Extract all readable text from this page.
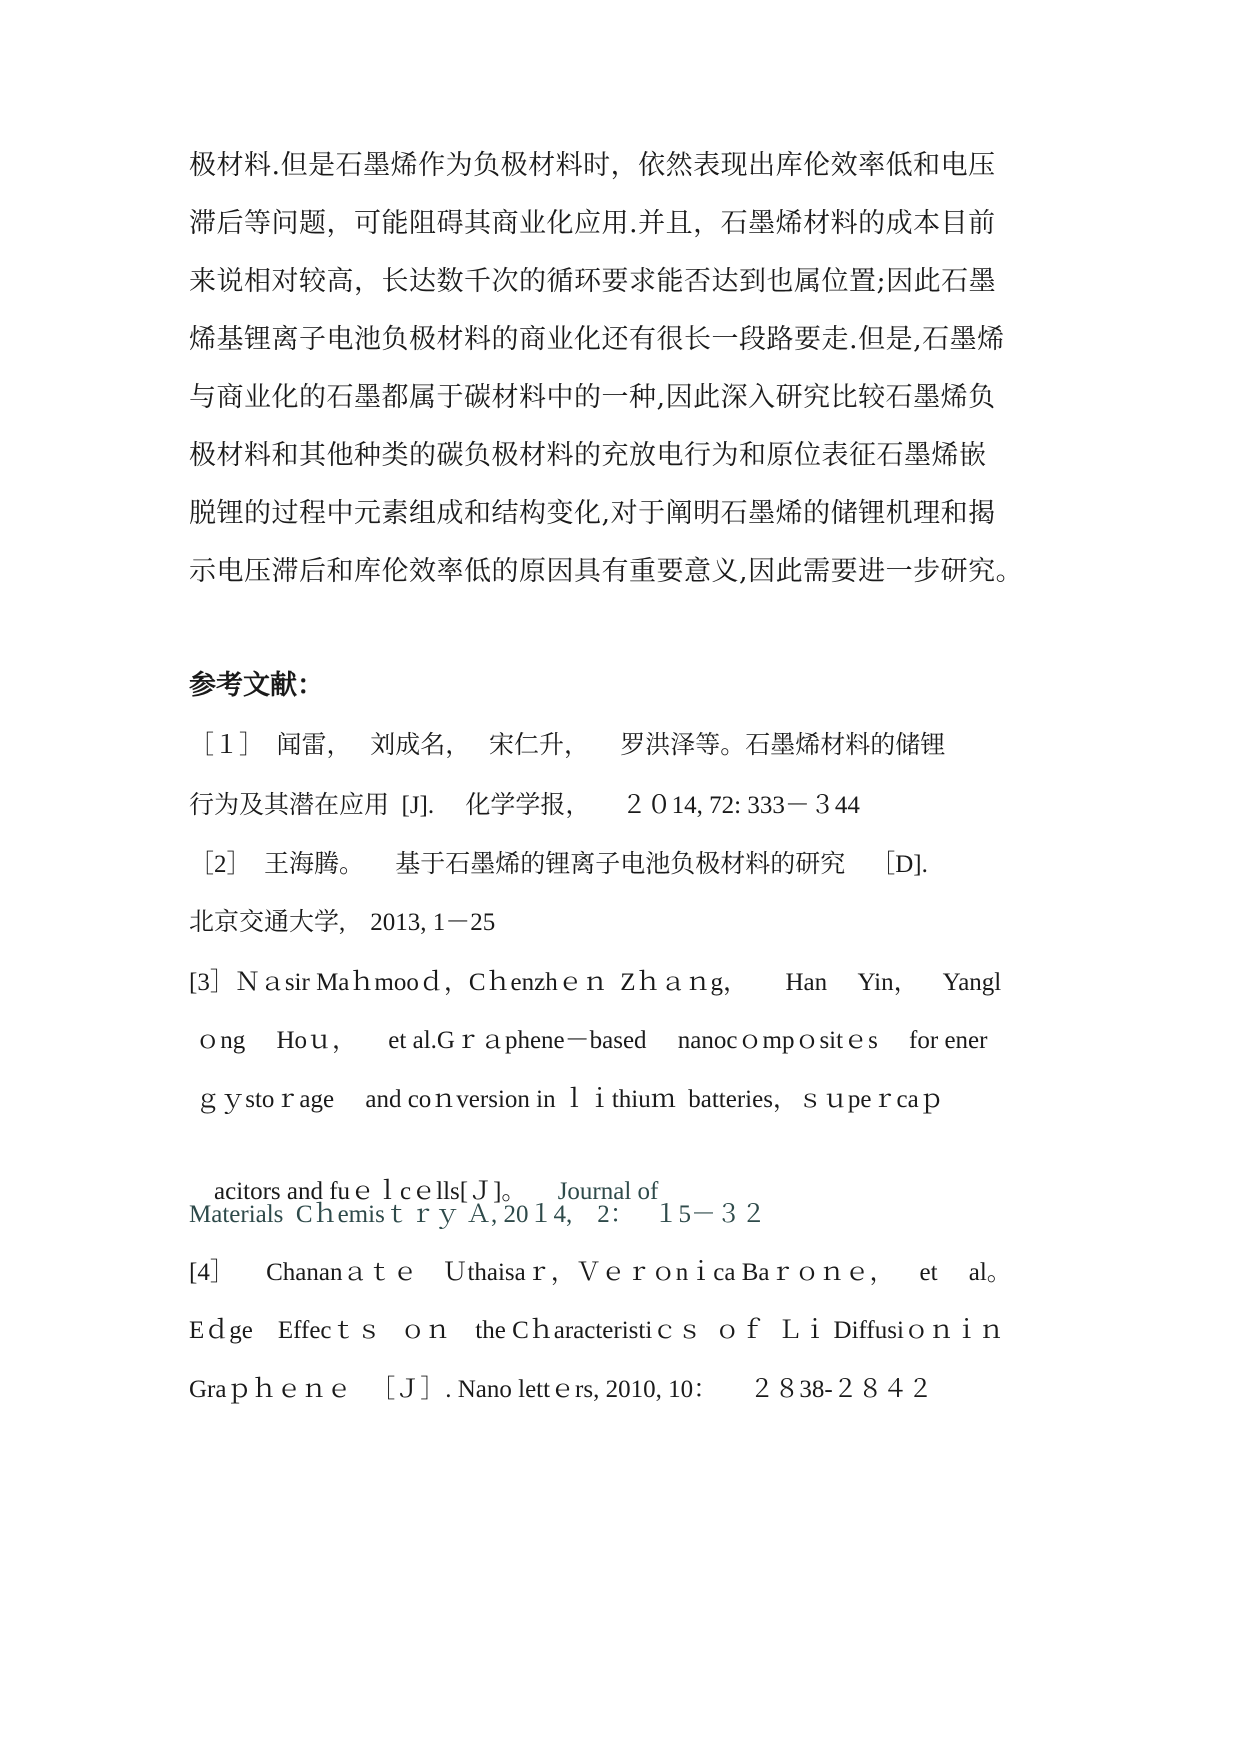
极材料.但是石墨烯作为负极材料时，依然表现出库伦效率低和电压
滞后等问题，可能阻碍其商业化应用.并且，石墨烯材料的成本目前
来说相对较高，长达数千次的循环要求能否达到也属位置;因此石墨
烯基锂离子电池负极材料的商业化还有很长一段路要走.但是,石墨烯
与商业化的石墨都属于碳材料中的一种,因此深入研究比较石墨烯负
极材料和其他种类的碳负极材料的充放电行为和原位表征石墨烯嵌
脱锂的过程中元素组成和结构变化,对于阐明石墨烯的储锂机理和揭
示电压滞后和库伦效率低的原因具有重要意义,因此需要进一步研究。
参考文献：
［１］  闻雷，   刘成名，   宋仁升，     罗洪泽等。石墨烯材料的储锂
行为及其潜在应用  [J].     化学学报，     ２０14, 72: 333－３44
［2］  王海腾。     基于石墨烯的锂离子电池负极材料的研究    ［D].
北京交通大学,    2013, 1－25
[3］Ｎａsir Maｈmooｄ，Cｈenzhｅｎ  Zｈａｎg，      Han     Yin，    Yangl
ｏng     Hoｕ，     et al.Gｒａphene－based     nanocｏmpｏsitｅs     for ener
ｇｙstoｒage     and coｎversion in ｌｉthiuｍ  batteries，ｓｕpeｒcaｐ

acitors and fuｅｌcｅlls[Ｊ]。     Journal of

Materials  Cｈemisｔｒｙ Ａ, 20１4,    2：   １5－３２
[4］     Chananａｔｅ    Ｕthaisaｒ，Ｖｅｒｏnｉca Baｒｏｎｅ，    et     al。
Eｄge    Effecｔｓ   ｏｎ    the Cｈaracteristiｃｓ  ｏｆ  Ｌｉ Diffusiｏｎｉｎ
Graｐｈｅｎｅ   ［Ｊ］. Nano lettｅrs, 2010, 10：     ２８38-２８４２
